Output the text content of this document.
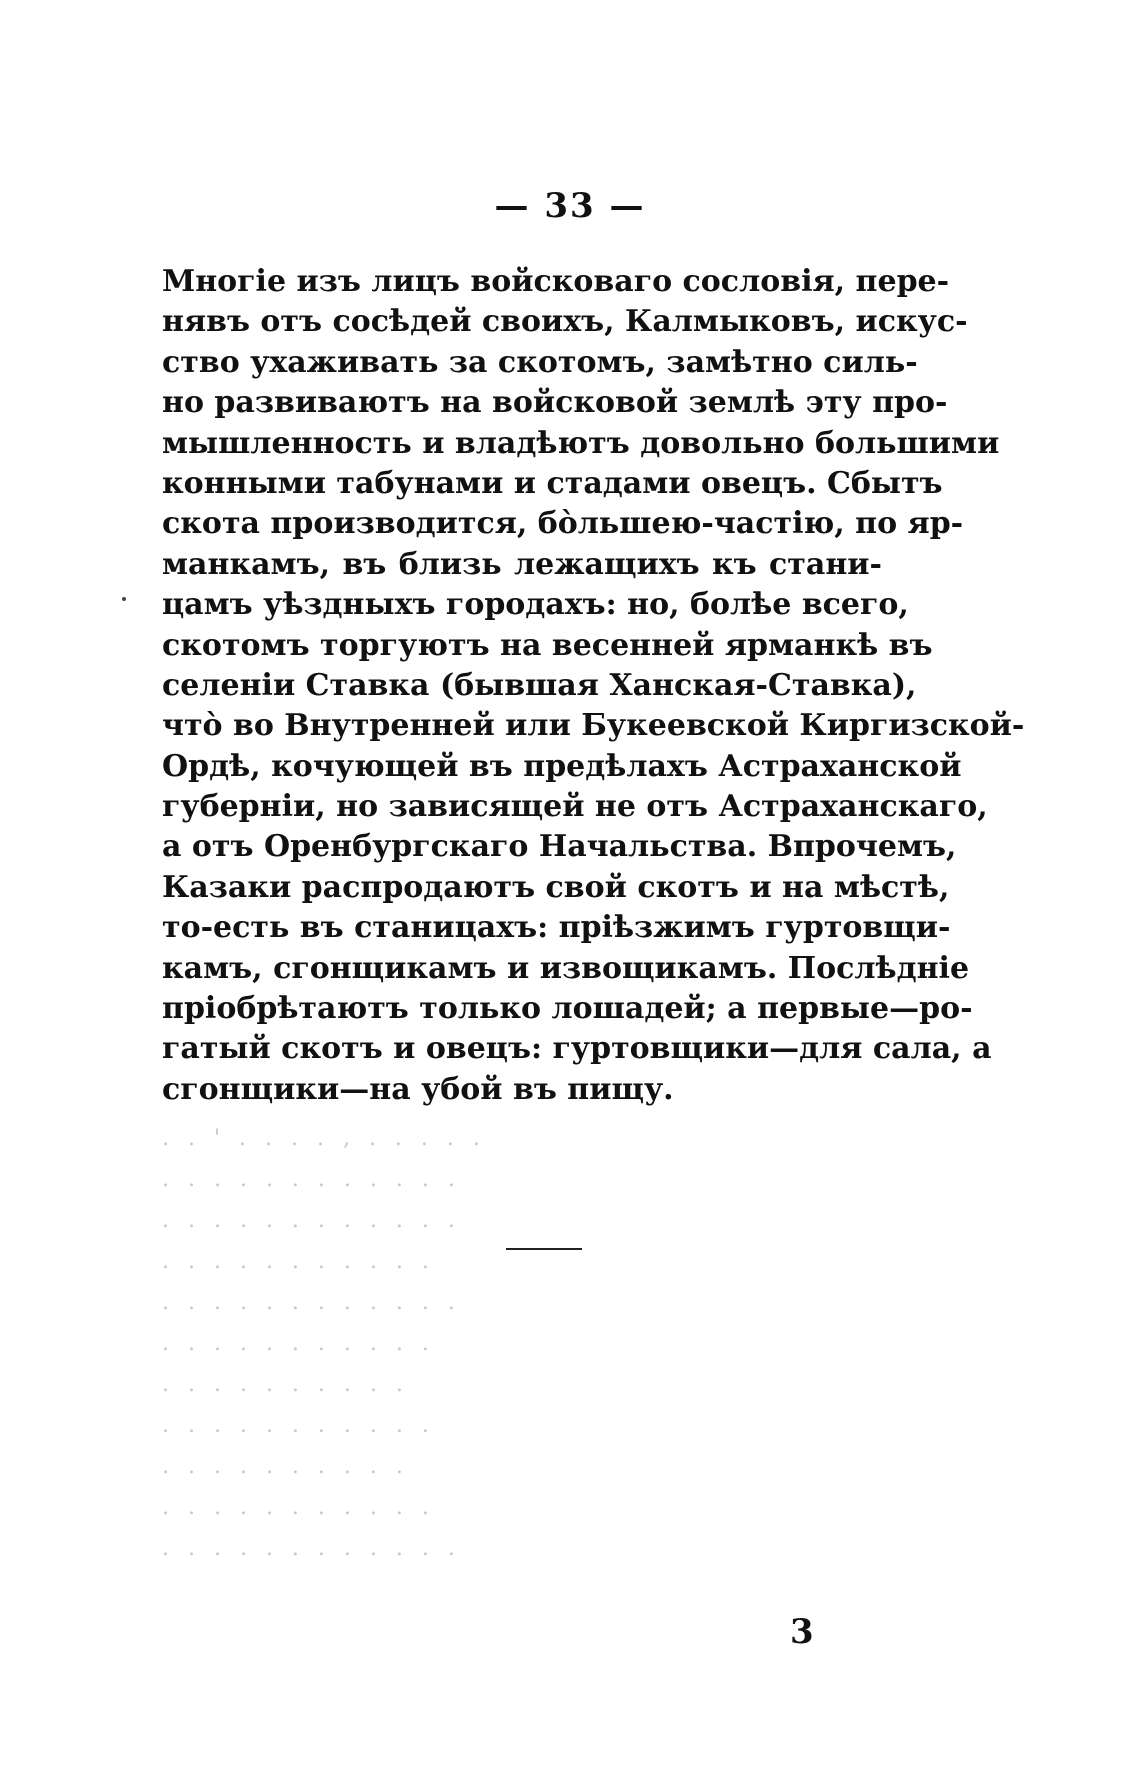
— 33 —
Многiе изъ лицъ войсковаго сословiя, пере-
нявъ отъ сосѣдей своихъ, Калмыковъ, искус-
ство ухаживать за скотомъ, замѣтно силь-
но развиваютъ на войсковой землѣ эту про-
мышленность и владѣютъ довольно большими
конными табунами и стадами овецъ. Сбытъ
скота производится, бòльшею-частiю, по яр-
манкамъ, въ близь лежащихъ къ стани-
цамъ уѣздныхъ городахъ: но, болѣе всего,
скотомъ торгуютъ на весенней ярманкѣ въ
селенiи Ставка (бывшая Ханская-Ставка),
чтò во Внутренней или Букеевской Киргизской-
Ордѣ, кочующей въ предѣлахъ Астраханской
губернiи, но зависящей не отъ Астраханскаго,
а отъ Оренбургскаго Начальства. Впрочемъ,
Казаки распродаютъ свой скотъ и на мѣстѣ,
то-есть въ станицахъ: прiѣзжимъ гуртовщи-
камъ, сгонщикамъ и извощикамъ. Послѣднiе
прiобрѣтаютъ только лошадей; а первые—ро-
гатый скотъ и овецъ: гуртовщики—для сала, а
сгонщики—на убой въ пищу.
. . ' . . . . , . . . . .
. . . . . . . . . . . .
. . . . . . . . . . . .
. . . . . . . . . . .
. . . . . . . . . . . .
. . . . . . . . . . .
. . . . . . . . . .
. . . . . . . . . . .
. . . . . . . . . .
. . . . . . . . . . .
. . . . . . . . . . . .
3
